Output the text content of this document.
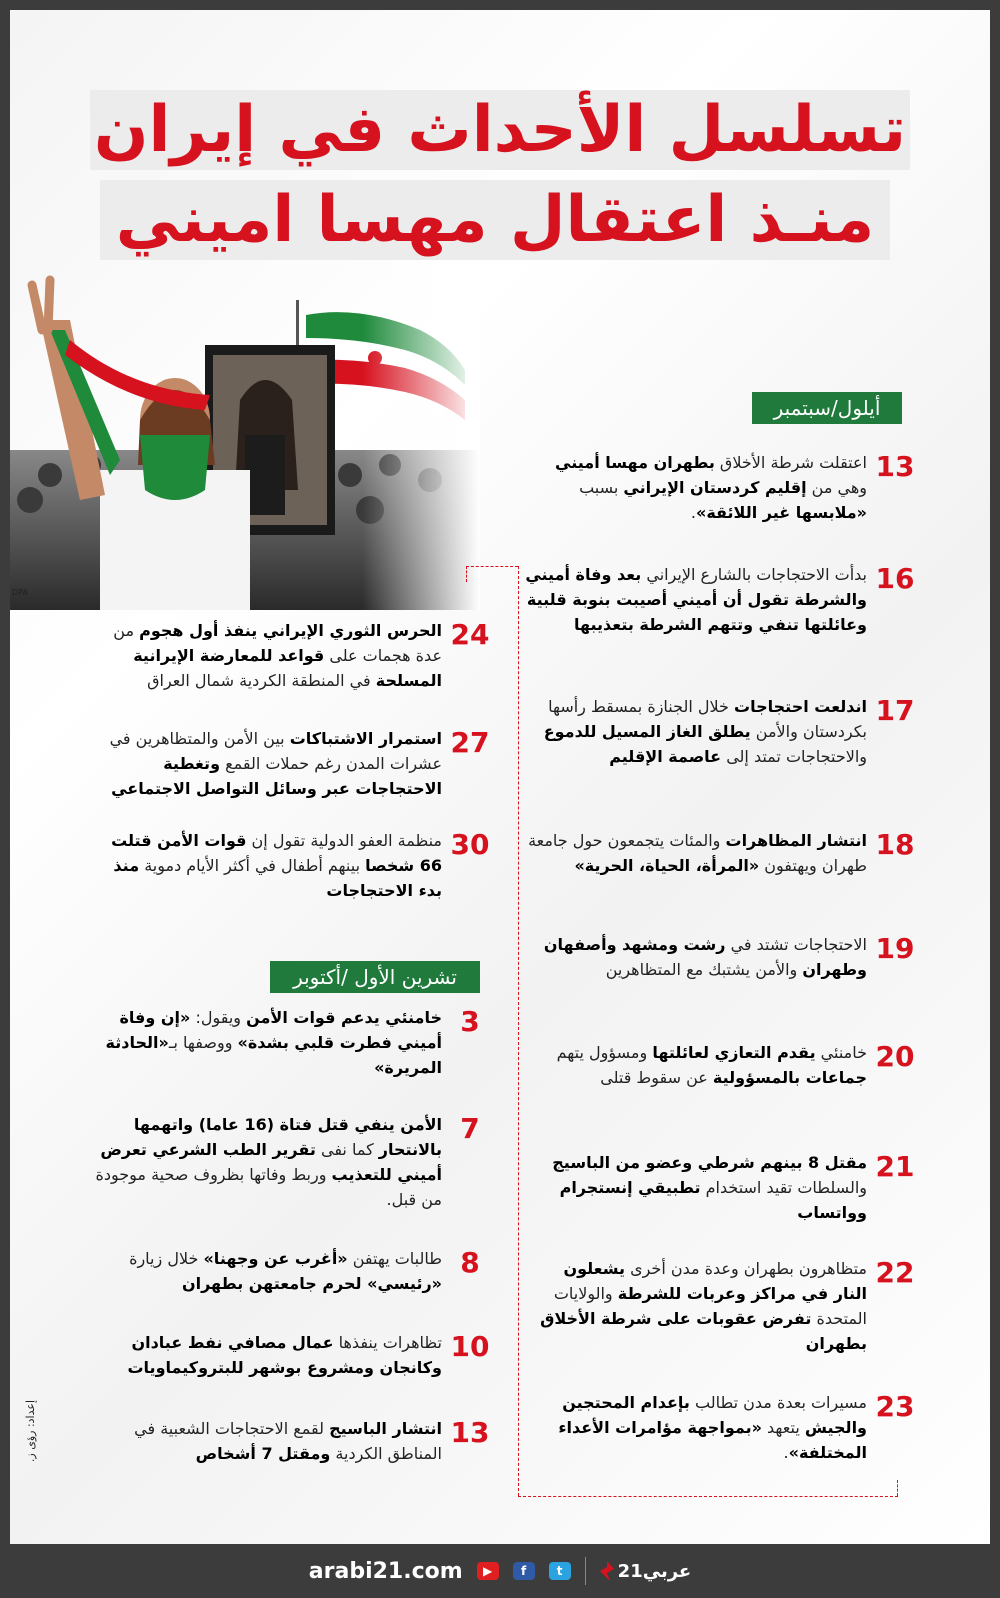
تسلسل الأحداث في إيران
منـذ اعتقال مهسا اميني
DPA
أيلول/سبتمبر
13
اعتقلت شرطة الأخلاق بطهران مهسا أميني وهي من إقليم كردستان الإيراني بسبب «ملابسها غير اللائقة».
16
بدأت الاحتجاجات بالشارع الإيراني بعد وفاة أميني والشرطة تقول أن أميني أصيبت بنوبة قلبية وعائلتها تنفي وتتهم الشرطة بتعذيبها
17
اندلعت احتجاجات خلال الجنازة بمسقط رأسها بكردستان والأمن يطلق الغاز المسيل للدموع والاحتجاجات تمتد إلى عاصمة الإقليم
18
انتشار المظاهرات والمئات يتجمعون حول جامعة طهران ويهتفون «المرأة، الحياة، الحرية»
19
الاحتجاجات تشتد في رشت ومشهد وأصفهان وطهران والأمن يشتبك مع المتظاهرين
20
خامنئي يقدم التعازي لعائلتها ومسؤول يتهم جماعات بالمسؤولية عن سقوط قتلى
21
مقتل 8 بينهم شرطي وعضو من الباسيج والسلطات تقيد استخدام تطبيقي إنستجرام وواتساب
22
متظاهرون بطهران وعدة مدن أخرى يشعلون النار في مراكز وعربات للشرطة والولايات المتحدة تفرض عقوبات على شرطة الأخلاق بطهران
23
مسيرات بعدة مدن تطالب بإعدام المحتجين والجيش يتعهد «بمواجهة مؤامرات الأعداء المختلفة».
24
الحرس الثوري الإيراني ينفذ أول هجوم من عدة هجمات على قواعد للمعارضة الإيرانية المسلحة في المنطقة الكردية شمال العراق
27
استمرار الاشتباكات بين الأمن والمتظاهرين في عشرات المدن رغم حملات القمع وتغطية الاحتجاجات عبر وسائل التواصل الاجتماعي
30
منظمة العفو الدولية تقول إن قوات الأمن قتلت 66 شخصا بينهم أطفال في أكثر الأيام دموية منذ بدء الاحتجاجات
تشرين الأول /أكتوبر
3
خامنئي يدعم قوات الأمن ويقول: «إن وفاة أميني فطرت قلبي بشدة» ووصفها بـ«الحادثة المريرة»
7
الأمن ينفي قتل فتاة (16 عاما) واتهمها بالانتحار كما نفى تقرير الطب الشرعي تعرض أميني للتعذيب وربط وفاتها بظروف صحية موجودة من قبل.
8
طالبات يهتفن «أغرب عن وجهنا» خلال زيارة «رئيسي» لحرم جامعتهن بطهران
10
تظاهرات ينفذها عمال مصافي نفط عبادان وكانجان ومشروع بوشهر للبتروكيماويات
13
انتشار الباسيج لقمع الاحتجاجات الشعبية في المناطق الكردية ومقتل 7 أشخاص
إعداد: رؤى ز.
arabi21.com	▶	f	t	عربي21
